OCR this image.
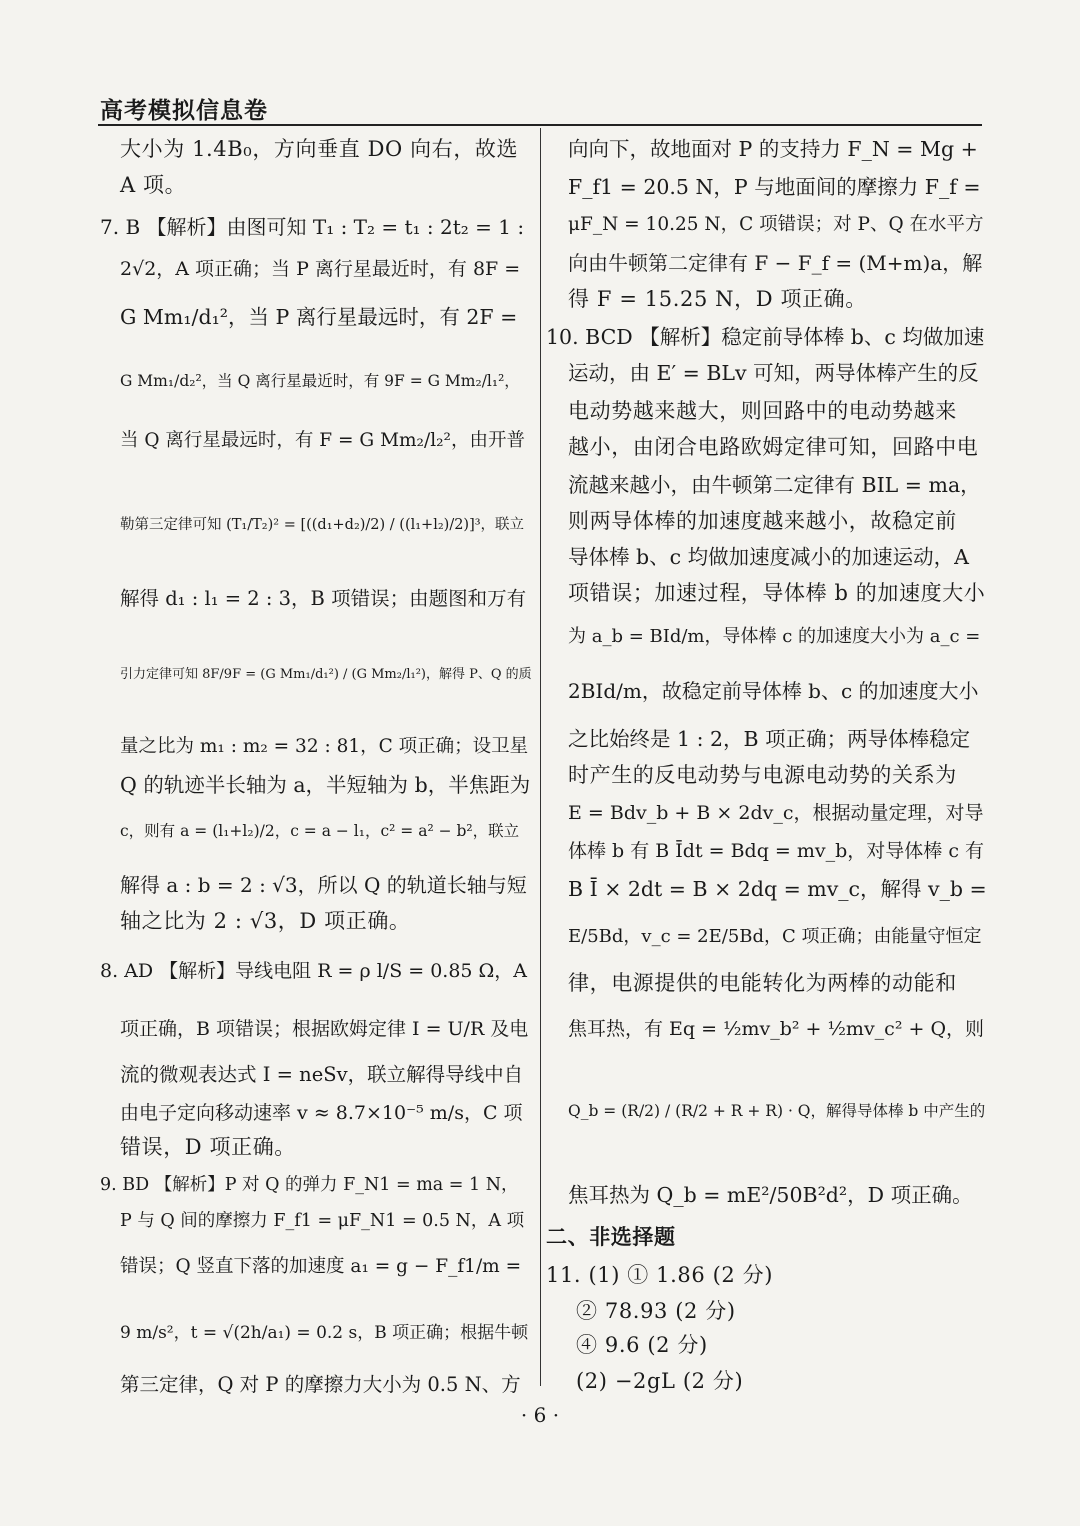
高考模拟信息卷
大小为 1.4B₀，方向垂直 DO 向右，故选
A 项。
7. B 【解析】由图可知 T₁ : T₂ = t₁ : 2t₂ = 1 :
2√2，A 项正确；当 P 离行星最近时，有 8F =
G Mm₁/d₁²，当 P 离行星最远时，有 2F =
G Mm₁/d₂²，当 Q 离行星最近时，有 9F = G Mm₂/l₁²，
当 Q 离行星最远时，有 F = G Mm₂/l₂²，由开普
勒第三定律可知 (T₁/T₂)² = [((d₁+d₂)/2) / ((l₁+l₂)/2)]³，联立
解得 d₁ : l₁ = 2 : 3，B 项错误；由题图和万有
引力定律可知 8F/9F = (G Mm₁/d₁²) / (G Mm₂/l₁²)，解得 P、Q 的质
量之比为 m₁ : m₂ = 32 : 81，C 项正确；设卫星
Q 的轨迹半长轴为 a，半短轴为 b，半焦距为
c，则有 a = (l₁+l₂)/2，c = a − l₁，c² = a² − b²，联立
解得 a : b = 2 : √3，所以 Q 的轨道长轴与短
轴之比为 2 : √3，D 项正确。
8. AD 【解析】导线电阻 R = ρ l/S = 0.85 Ω，A
项正确，B 项错误；根据欧姆定律 I = U/R 及电
流的微观表达式 I = neSv，联立解得导线中自
由电子定向移动速率 v ≈ 8.7×10⁻⁵ m/s，C 项
错误，D 项正确。
9. BD 【解析】P 对 Q 的弹力 F_N1 = ma = 1 N，
P 与 Q 间的摩擦力 F_f1 = μF_N1 = 0.5 N，A 项
错误；Q 竖直下落的加速度 a₁ = g − F_f1/m =
9 m/s²，t = √(2h/a₁) = 0.2 s，B 项正确；根据牛顿
第三定律，Q 对 P 的摩擦力大小为 0.5 N、方
向向下，故地面对 P 的支持力 F_N = Mg +
F_f1 = 20.5 N，P 与地面间的摩擦力 F_f =
μF_N = 10.25 N，C 项错误；对 P、Q 在水平方
向由牛顿第二定律有 F − F_f = (M+m)a，解
得 F = 15.25 N，D 项正确。
10. BCD 【解析】稳定前导体棒 b、c 均做加速
运动，由 E′ = BLv 可知，两导体棒产生的反
电动势越来越大，则回路中的电动势越来
越小，由闭合电路欧姆定律可知，回路中电
流越来越小，由牛顿第二定律有 BIL = ma，
则两导体棒的加速度越来越小，故稳定前
导体棒 b、c 均做加速度减小的加速运动，A
项错误；加速过程，导体棒 b 的加速度大小
为 a_b = BId/m，导体棒 c 的加速度大小为 a_c =
2BId/m，故稳定前导体棒 b、c 的加速度大小
之比始终是 1 : 2，B 项正确；两导体棒稳定
时产生的反电动势与电源电动势的关系为
E = Bdv_b + B × 2dv_c，根据动量定理，对导
体棒 b 有 B Īdt = Bdq = mv_b，对导体棒 c 有
B Ī × 2dt = B × 2dq = mv_c，解得 v_b =
E/5Bd，v_c = 2E/5Bd，C 项正确；由能量守恒定
律，电源提供的电能转化为两棒的动能和
焦耳热，有 Eq = ½mv_b² + ½mv_c² + Q，则
Q_b = (R/2) / (R/2 + R + R) · Q，解得导体棒 b 中产生的
焦耳热为 Q_b = mE²/50B²d²，D 项正确。
二、非选择题
11. (1) ① 1.86 (2 分)
② 78.93 (2 分)
④ 9.6 (2 分)
(2) −2gL (2 分)
· 6 ·
